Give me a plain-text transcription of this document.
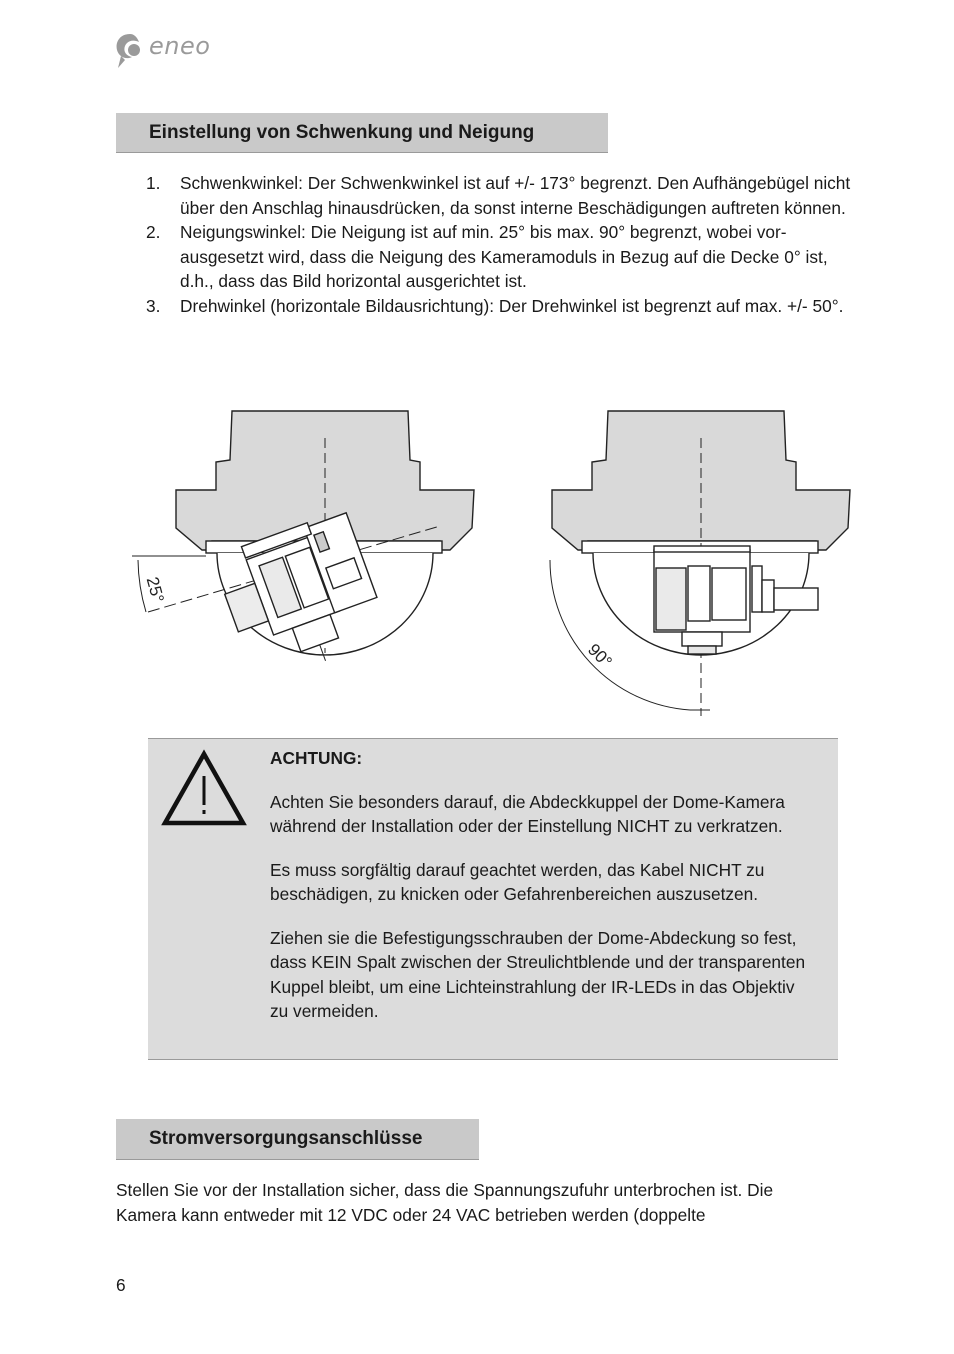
eneo
Einstellung von Schwenkung und Neigung
1.	Schwenkwinkel: Der Schwenkwinkel ist auf +/- 173° begrenzt. Den Aufhängebügel nicht über den Anschlag hinausdrücken, da sonst interne Beschädigungen auftreten können.
2.	Neigungswinkel: Die Neigung ist auf min. 25° bis max. 90° begrenzt, wobei vorausgesetzt wird, dass die Neigung des Kameramoduls in Bezug auf die Decke 0° ist, d.h., dass das Bild horizontal ausgerichtet ist.
3.	Drehwinkel (horizontale Bildausrichtung): Der Drehwinkel ist begrenzt auf max. +/- 50°.
25°
90°

ACHTUNG:

Achten Sie besonders darauf, die Abdeckkuppel der Dome-Kamera während der Installation oder der Einstellung NICHT zu verkratzen.

Es muss sorgfältig darauf geachtet werden, das Kabel NICHT zu beschädigen, zu knicken oder Gefahrenbereichen auszusetzen.

Ziehen sie die Befestigungsschrauben der Dome-Abdeckung so fest, dass KEIN Spalt zwischen der Streulichtblende und der transparenten Kuppel bleibt, um eine Lichteinstrahlung der IR-LEDs in das Objektiv zu vermeiden.

Stromversorgungsanschlüsse

Stellen Sie vor der Installation sicher, dass die Spannungszufuhr unterbrochen ist. Die Kamera kann entweder mit 12 VDC oder 24 VAC betrieben werden (doppelte

6
